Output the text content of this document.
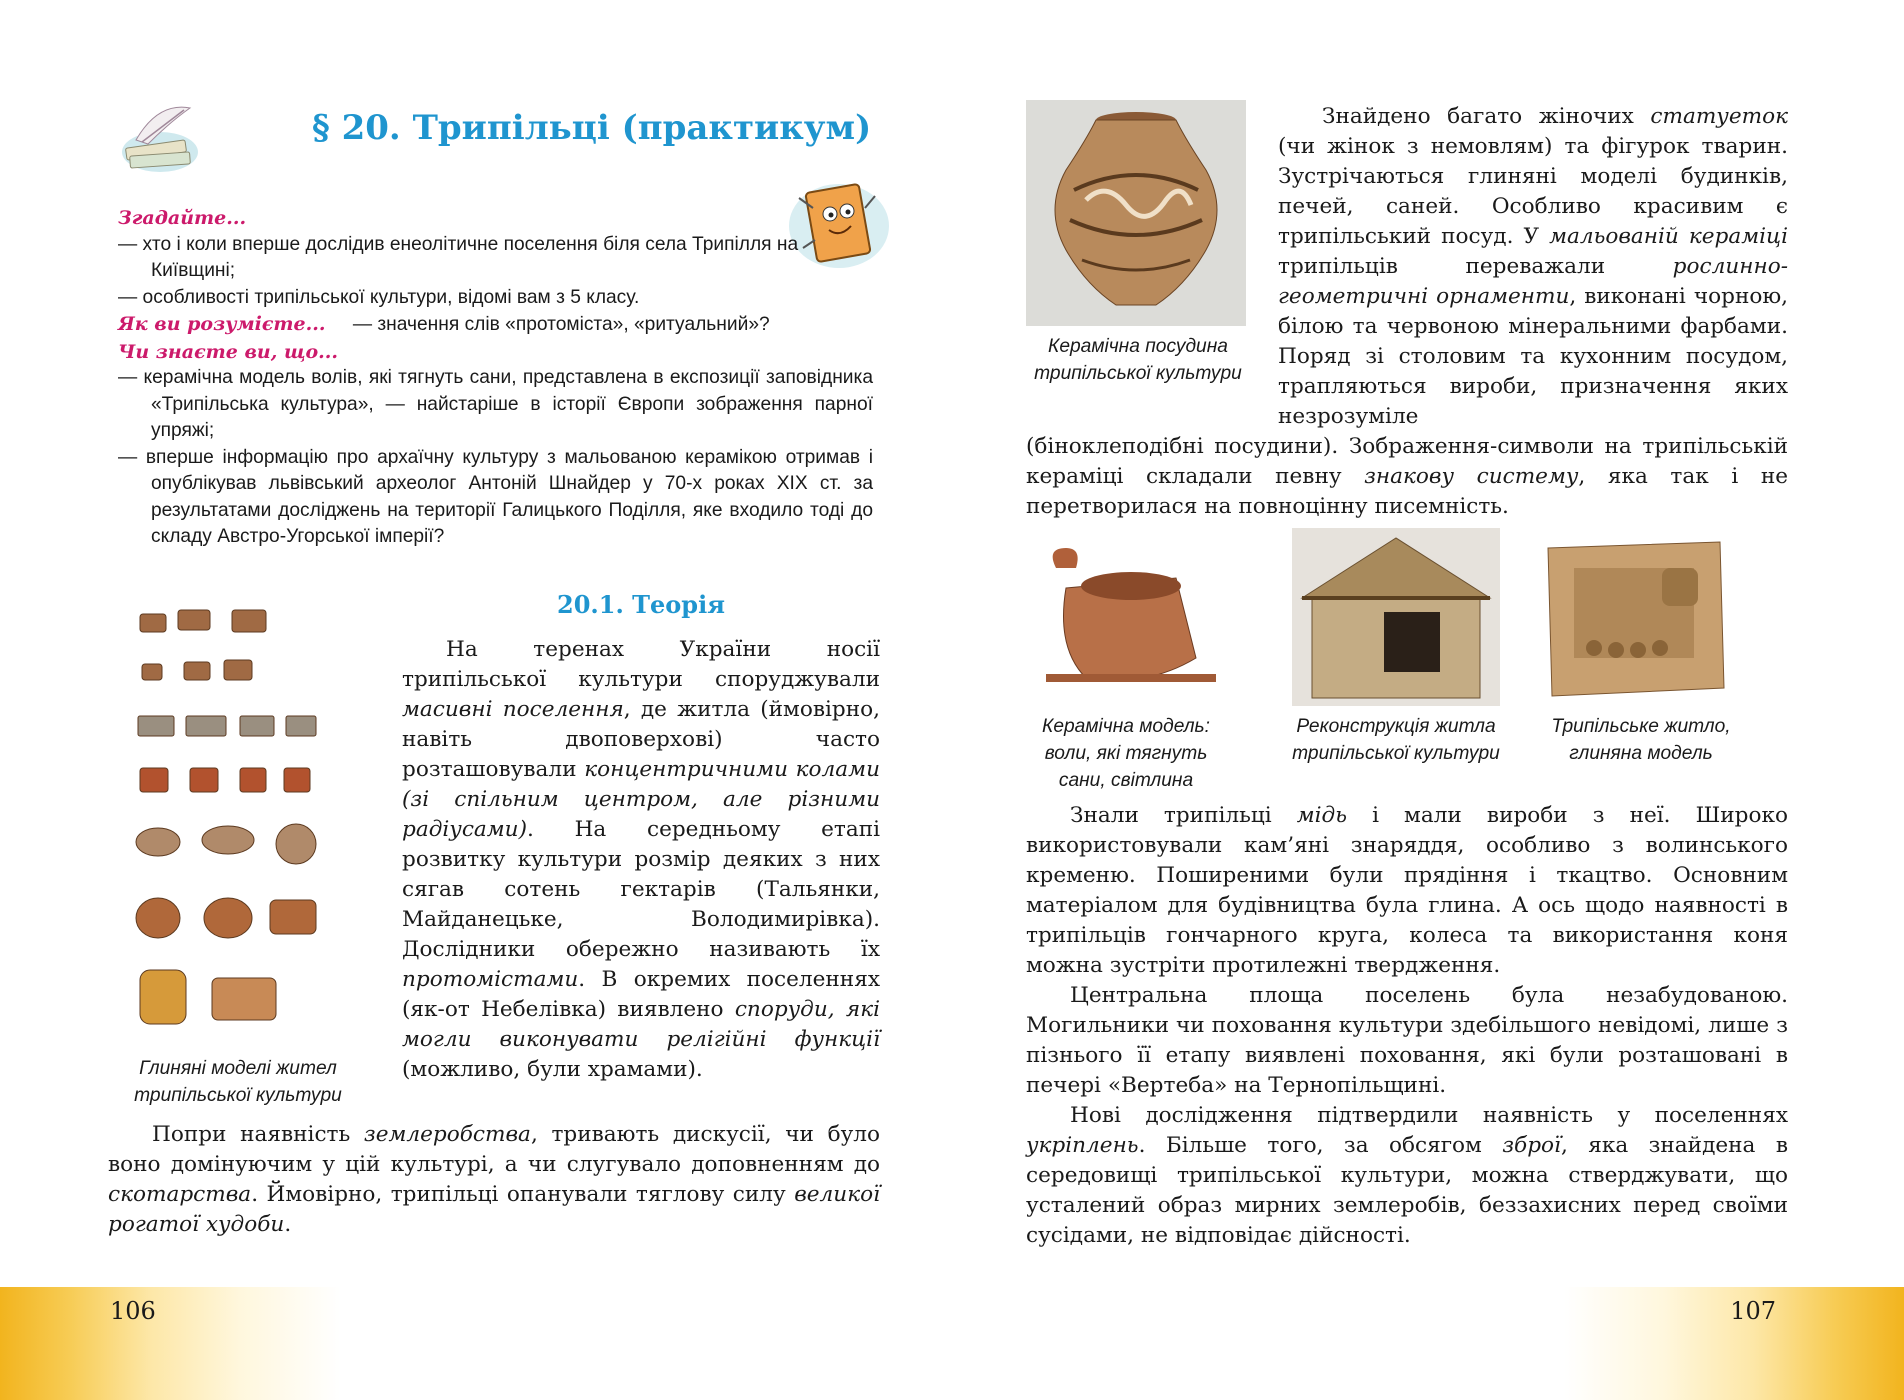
§ 20. Трипільці (практикум)

Згадайте...

— хто і коли вперше дослідив енеолітичне поселення біля села Трипілля на Київщині;

— особливості трипільської культури, відомі вам з 5 класу.

Як ви розумієте... — значення слів «протоміста», «ритуальний»?

Чи знаєте ви, що...

— керамічна модель волів, які тягнуть сани, представлена в експозиції заповідника «Трипільська культура», — найстаріше в історії Європи зображення парної упряжі;

— вперше інформацію про архаїчну культуру з мальованою керамікою отримав і опублікував львівський археолог Антоній Шнайдер у 70-х роках XIX ст. за результатами досліджень на території Галицького Поділля, яке входило тоді до складу Австро-Угорської імперії?

20.1. Теорія
Глиняні моделі жител трипільської культури

На теренах України носії трипільської культури споруджували масивні поселення, де житла (ймовірно, навіть двоповерхові) часто розташовували концентричними колами (зі спільним центром, але різними радіусами). На середньому етапі розвитку культури розмір деяких з них сягав сотень гектарів (Тальянки, Майданецьке, Володимирівка). Дослідники обережно називають їх протомістами. В окремих поселеннях (як-от Небелівка) виявлено споруди, які могли виконувати релігійні функції (можливо, були храмами).

Попри наявність землеробства, тривають дискусії, чи було воно домінуючим у цій культурі, а чи слугувало доповненням до скотарства. Ймовірно, трипільці опанували тяглову силу великої рогатої худоби.

106
Керамічна посудина трипільської культури

Знайдено багато жіночих статуеток (чи жінок з немовлям) та фігурок тварин. Зустрічаються глиняні моделі будинків, печей, саней. Особливо красивим є трипільський посуд. У мальованій кераміці трипільців переважали рослинно-геометричні орнаменти, виконані чорною, білою та червоною мінеральними фарбами. Поряд зі столовим та кухонним посудом, трапляються вироби, призначення яких незрозуміле

(біноклеподібні посудини). Зображення-символи на трипільській кераміці складали певну знакову систему, яка так і не перетворилася на повноцінну писемність.

Керамічна модель: воли, які тягнуть сани, світлина
Реконструкція житла трипільської культури
Трипільське житло, глиняна модель

Знали трипільці мідь і мали вироби з неї. Широко використовували кам’яні знаряддя, особливо з волинського кременю. Поширеними були прядіння і ткацтво. Основним матеріалом для будівництва була глина. А ось щодо наявності в трипільців гончарного круга, колеса та використання коня можна зустріти протилежні твердження.

Центральна площа поселень була незабудованою. Могильники чи поховання культури здебільшого невідомі, лише з пізнього її етапу виявлені поховання, які були розташовані в печері «Вертеба» на Тернопільщині.

Нові дослідження підтвердили наявність у поселеннях укріплень. Більше того, за обсягом зброї, яка знайдена в середовищі трипільської культури, можна стверджувати, що усталений образ мирних землеробів, беззахисних перед своїми сусідами, не відповідає дійсності.

107
